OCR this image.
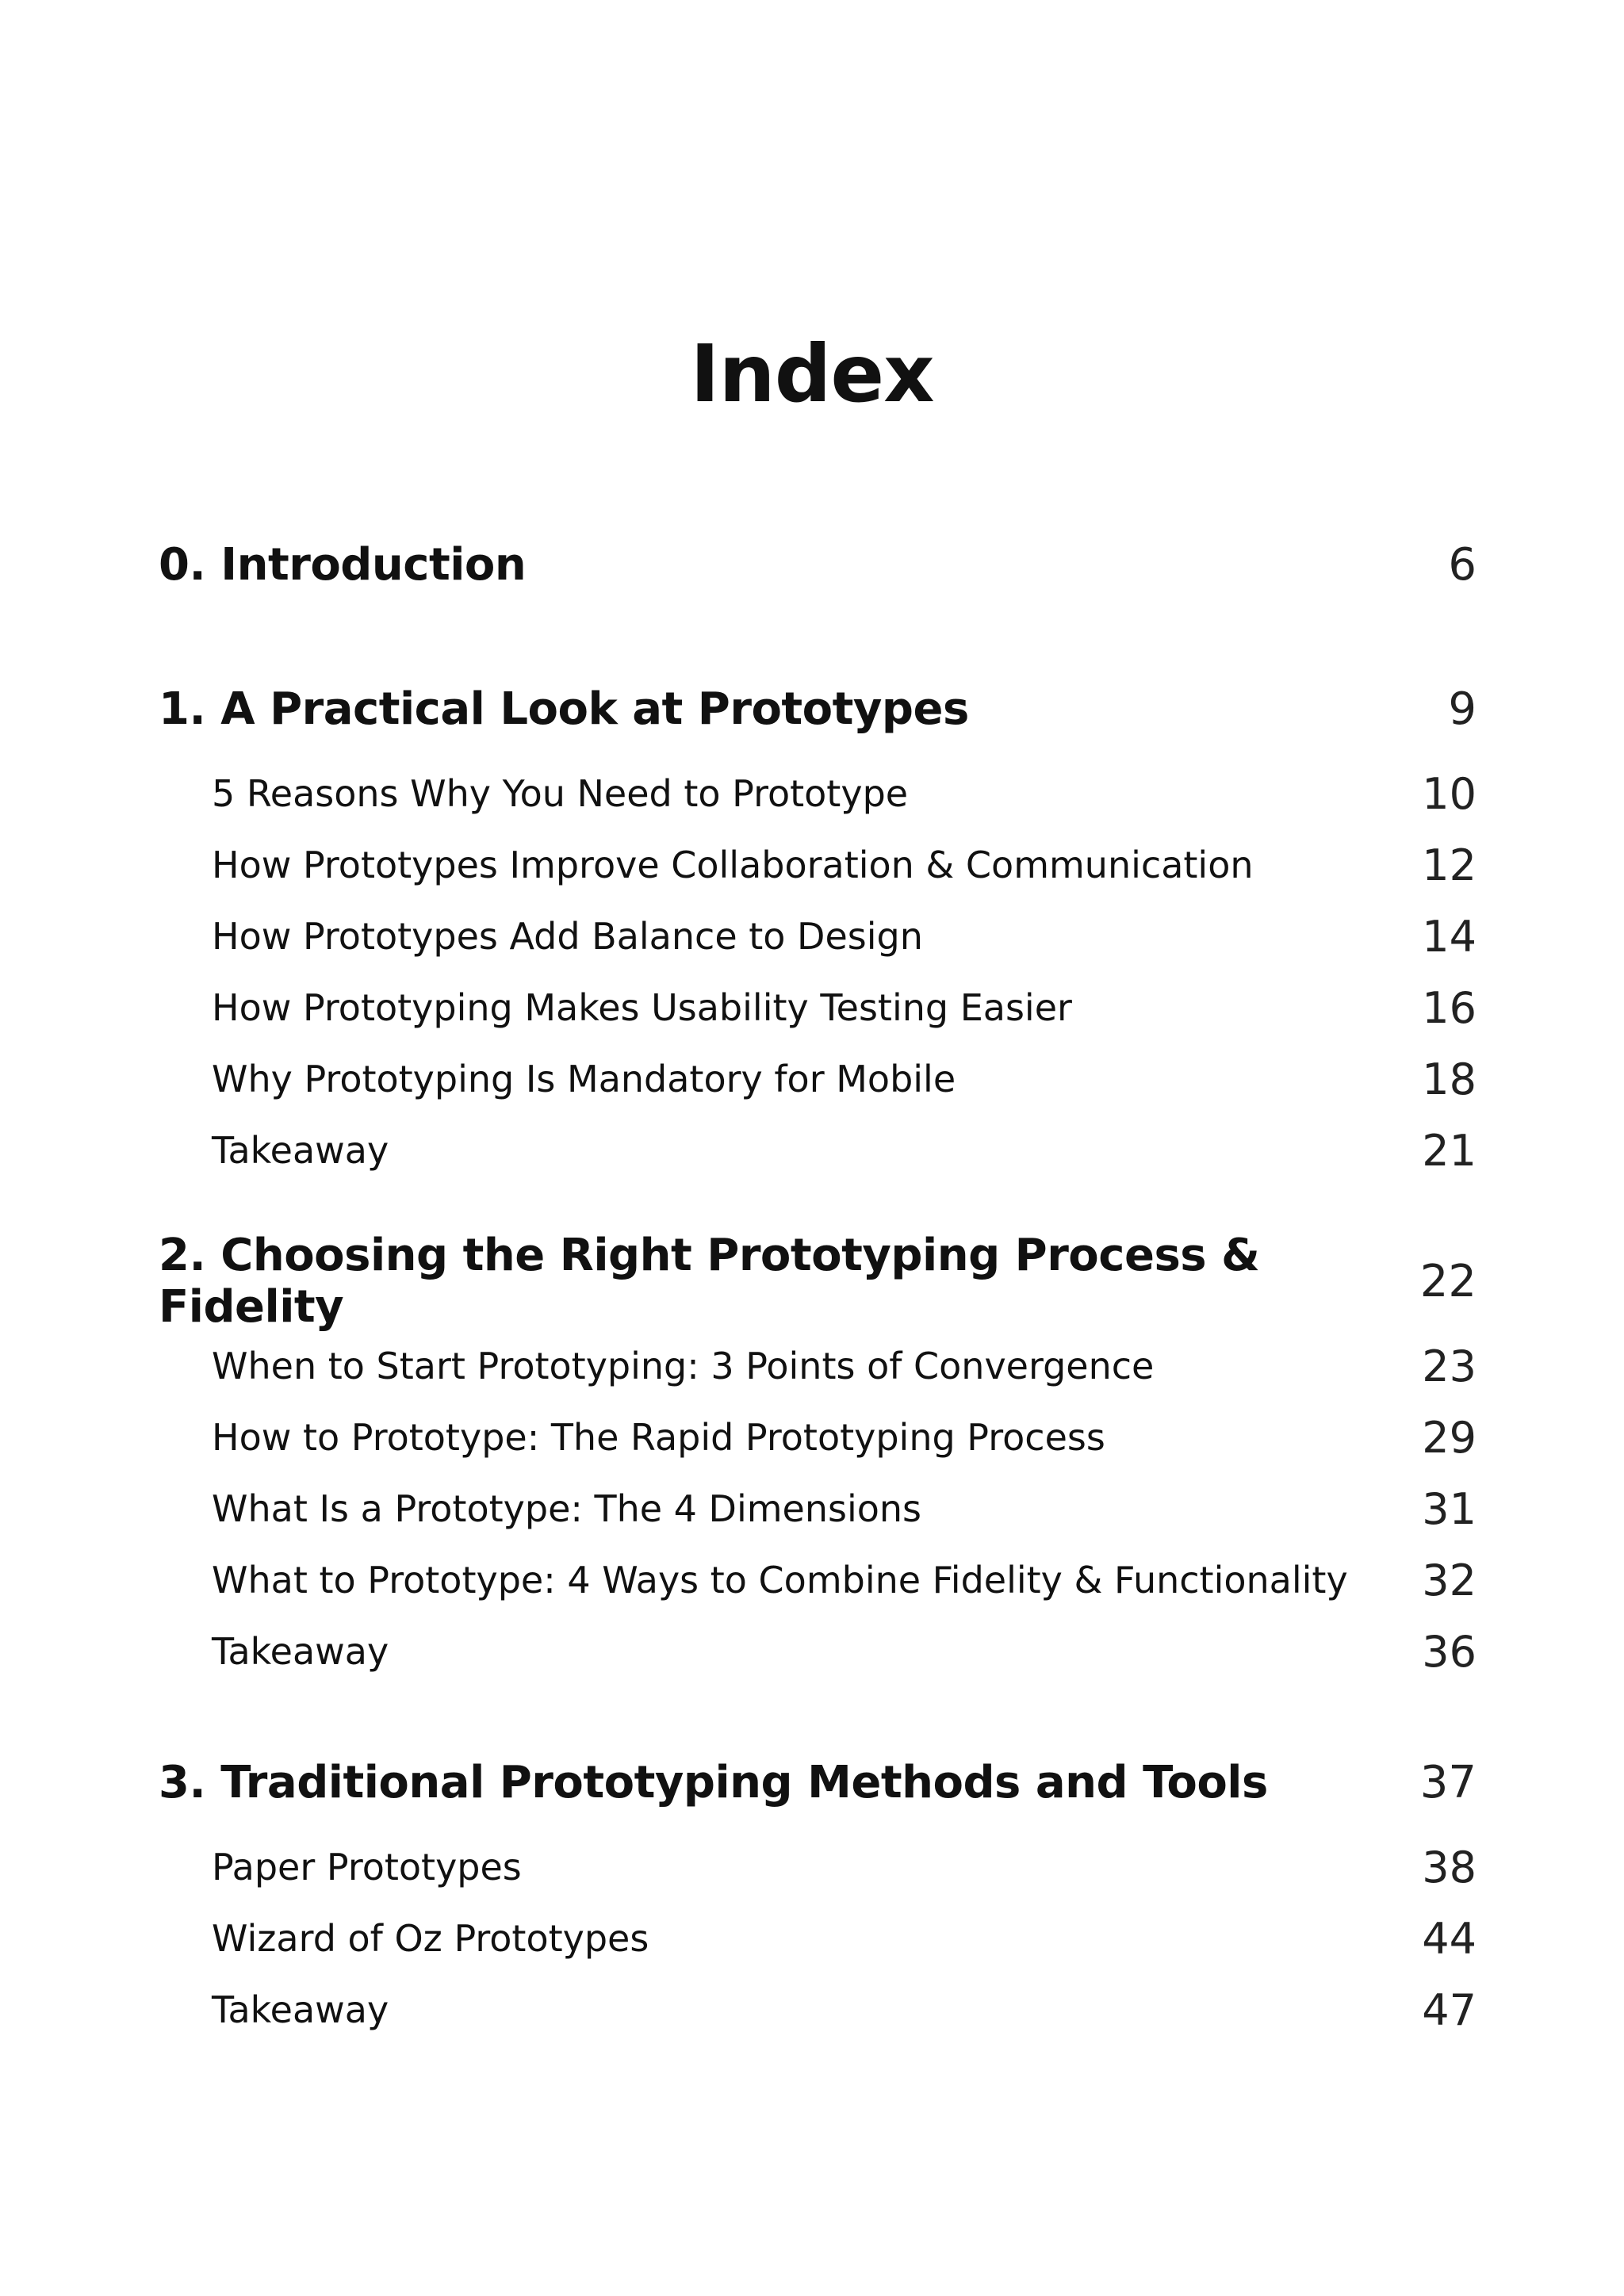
Index
0. Introduction	6
1. A Practical Look at Prototypes	9
5 Reasons Why You Need to Prototype	10
How Prototypes Improve Collaboration & Communication	12
How Prototypes Add Balance to Design	14
How Prototyping Makes Usability Testing Easier	16
Why Prototyping Is Mandatory for Mobile	18
Takeaway	21
2. Choosing the Right Prototyping Process & Fidelity	22
When to Start Prototyping: 3 Points of Convergence	23
How to Prototype: The Rapid Prototyping Process	29
What Is a Prototype: The 4 Dimensions	31
What to Prototype: 4 Ways to Combine Fidelity & Functionality 32
Takeaway	36
3. Traditional Prototyping Methods and Tools	37
Paper Prototypes	38
Wizard of Oz Prototypes	44
Takeaway	47
